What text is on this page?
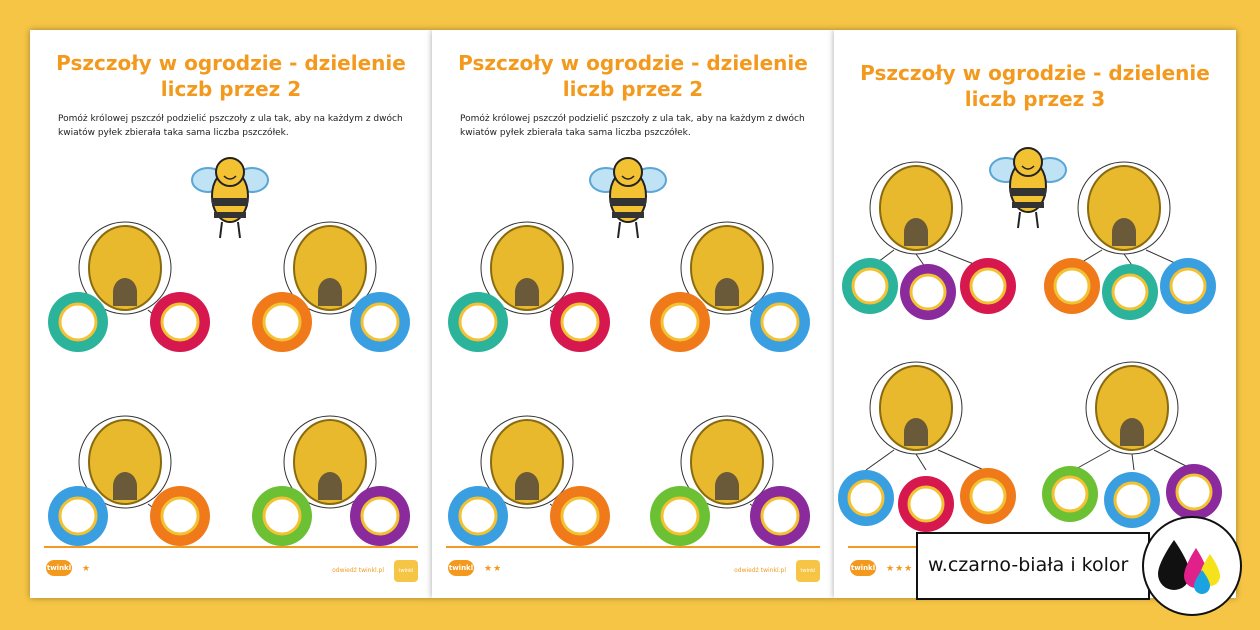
Pszczoły w ogrodzie - dzielenie
liczb przez 2
Pomóż królowej pszczół podzielić pszczoły z ula tak, aby na każdym z dwóch kwiatów pyłek zbierała taka sama liczba pszczółek.
twinkl ★	odwiedź twinkl.pl	twinkl
Pszczoły w ogrodzie - dzielenie
liczb przez 2
Pomóż królowej pszczół podzielić pszczoły z ula tak, aby na każdym z dwóch kwiatów pyłek zbierała taka sama liczba pszczółek.
twinkl ★★	odwiedź twinkl.pl	twinkl
Pszczoły w ogrodzie - dzielenie
liczb przez 3
twinkl ★★★ w.czarno-biała i kolor
